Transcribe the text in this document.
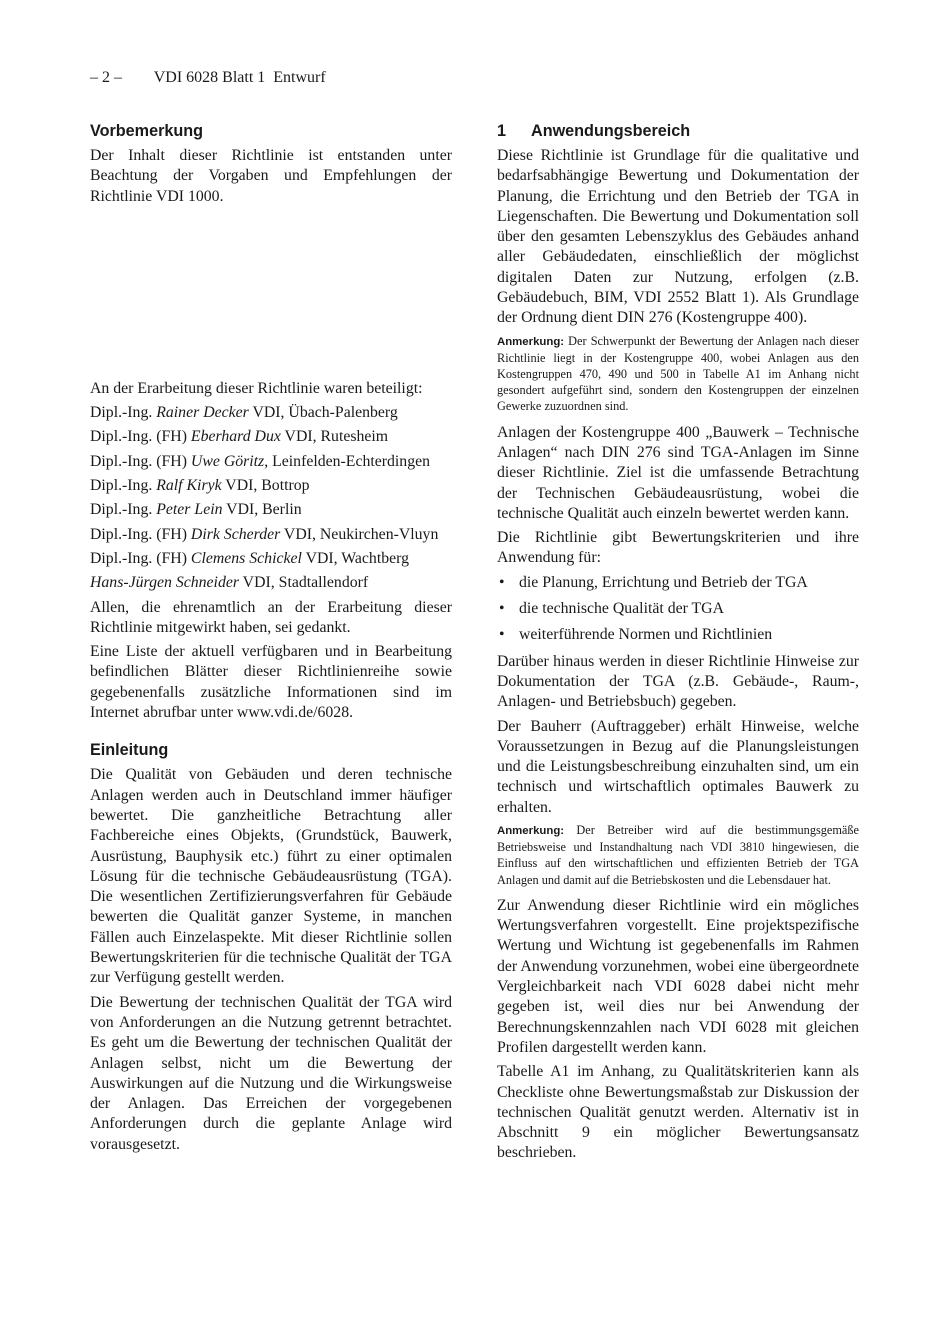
– 2 – VDI 6028 Blatt 1  Entwurf
Vorbemerkung

Der Inhalt dieser Richtlinie ist entstanden unter Beachtung der Vorgaben und Empfehlungen der Richtlinie VDI 1000.

An der Erarbeitung dieser Richtlinie waren beteiligt:

Dipl.-Ing. Rainer Decker VDI, Übach-Palenberg

Dipl.-Ing. (FH) Eberhard Dux VDI, Rutesheim

Dipl.-Ing. (FH) Uwe Göritz, Leinfelden-Echterdingen

Dipl.-Ing. Ralf Kiryk VDI, Bottrop

Dipl.-Ing. Peter Lein VDI, Berlin

Dipl.-Ing. (FH) Dirk Scherder VDI, Neukirchen-Vluyn

Dipl.-Ing. (FH) Clemens Schickel VDI, Wachtberg

Hans-Jürgen Schneider VDI, Stadtallendorf

Allen, die ehrenamtlich an der Erarbeitung dieser Richtlinie mitgewirkt haben, sei gedankt.

Eine Liste der aktuell verfügbaren und in Bearbeitung befindlichen Blätter dieser Richtlinienreihe sowie gegebenenfalls zusätzliche Informationen sind im Internet abrufbar unter www.vdi.de/6028.

Einleitung

Die Qualität von Gebäuden und deren technische Anlagen werden auch in Deutschland immer häufiger bewertet. Die ganzheitliche Betrachtung aller Fachbereiche eines Objekts, (Grundstück, Bauwerk, Ausrüstung, Bauphysik etc.) führt zu einer optimalen Lösung für die technische Gebäudeausrüstung (TGA). Die wesentlichen Zertifizierungsverfahren für Gebäude bewerten die Qualität ganzer Systeme, in manchen Fällen auch Einzelaspekte. Mit dieser Richtlinie sollen Bewertungskriterien für die technische Qualität der TGA zur Verfügung gestellt werden.

Die Bewertung der technischen Qualität der TGA wird von Anforderungen an die Nutzung getrennt betrachtet. Es geht um die Bewertung der technischen Qualität der Anlagen selbst, nicht um die Bewertung der Auswirkungen auf die Nutzung und die Wirkungsweise der Anlagen. Das Erreichen der vorgegebenen Anforderungen durch die geplante Anlage wird vorausgesetzt.

1 Anwendungsbereich

Diese Richtlinie ist Grundlage für die qualitative und bedarfsabhängige Bewertung und Dokumentation der Planung, die Errichtung und den Betrieb der TGA in Liegenschaften. Die Bewertung und Dokumentation soll über den gesamten Lebenszyklus des Gebäudes anhand aller Gebäudedaten, einschließlich der möglichst digitalen Daten zur Nutzung, erfolgen (z.B. Gebäudebuch, BIM, VDI 2552 Blatt 1). Als Grundlage der Ordnung dient DIN 276 (Kostengruppe 400).

Anmerkung: Der Schwerpunkt der Bewertung der Anlagen nach dieser Richtlinie liegt in der Kostengruppe 400, wobei Anlagen aus den Kostengruppen 470, 490 und 500 in Tabelle A1 im Anhang nicht gesondert aufgeführt sind, sondern den Kostengruppen der einzelnen Gewerke zuzuordnen sind.

Anlagen der Kostengruppe 400 „Bauwerk – Technische Anlagen“ nach DIN 276 sind TGA-Anlagen im Sinne dieser Richtlinie. Ziel ist die umfassende Betrachtung der Technischen Gebäudeausrüstung, wobei die technische Qualität auch einzeln bewertet werden kann.

Die Richtlinie gibt Bewertungskriterien und ihre Anwendung für:

• die Planung, Errichtung und Betrieb der TGA
• die technische Qualität der TGA
• weiterführende Normen und Richtlinien

Darüber hinaus werden in dieser Richtlinie Hinweise zur Dokumentation der TGA (z.B. Gebäude-, Raum-, Anlagen- und Betriebsbuch) gegeben.

Der Bauherr (Auftraggeber) erhält Hinweise, welche Voraussetzungen in Bezug auf die Planungsleistungen und die Leistungsbeschreibung einzuhalten sind, um ein technisch und wirtschaftlich optimales Bauwerk zu erhalten.

Anmerkung: Der Betreiber wird auf die bestimmungsgemäße Betriebsweise und Instandhaltung nach VDI 3810 hingewiesen, die Einfluss auf den wirtschaftlichen und effizienten Betrieb der TGA Anlagen und damit auf die Betriebskosten und die Lebensdauer hat.

Zur Anwendung dieser Richtlinie wird ein mögliches Wertungsverfahren vorgestellt. Eine projektspezifische Wertung und Wichtung ist gegebenenfalls im Rahmen der Anwendung vorzunehmen, wobei eine übergeordnete Vergleichbarkeit nach VDI 6028 dabei nicht mehr gegeben ist, weil dies nur bei Anwendung der Berechnungskennzahlen nach VDI 6028 mit gleichen Profilen dargestellt werden kann.

Tabelle A1 im Anhang, zu Qualitätskriterien kann als Checkliste ohne Bewertungsmaßstab zur Diskussion der technischen Qualität genutzt werden. Alternativ ist in Abschnitt 9 ein möglicher Bewertungsansatz beschrieben.
